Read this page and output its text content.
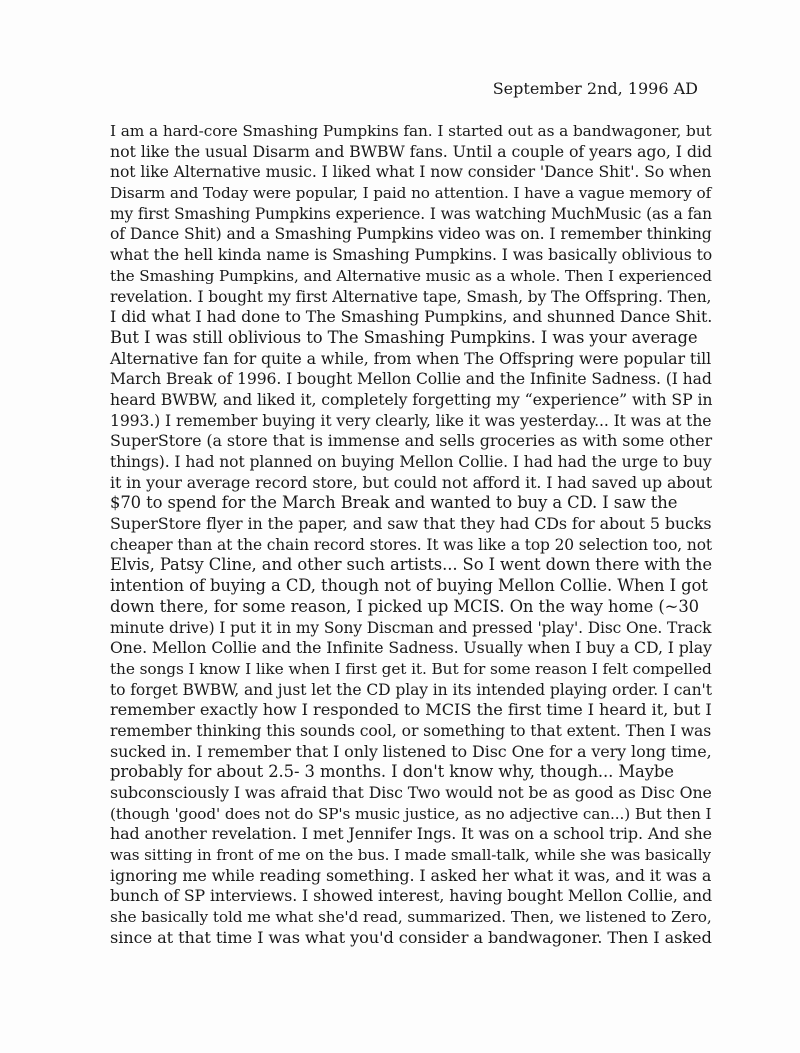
September 2nd, 1996 AD
I am a hard-core Smashing Pumpkins fan. I started out as a bandwagoner, but
not like the usual Disarm and BWBW fans. Until a couple of years ago, I did
not like Alternative music. I liked what I now consider 'Dance Shit'. So when
Disarm and Today were popular, I paid no attention. I have a vague memory of
my first Smashing Pumpkins experience. I was watching MuchMusic (as a fan
of Dance Shit) and a Smashing Pumpkins video was on. I remember thinking
what the hell kinda name is Smashing Pumpkins. I was basically oblivious to
the Smashing Pumpkins, and Alternative music as a whole. Then I experienced
revelation. I bought my first Alternative tape, Smash, by The Offspring. Then,
I did what I had done to The Smashing Pumpkins, and shunned Dance Shit.
But I was still oblivious to The Smashing Pumpkins. I was your average
Alternative fan for quite a while, from when The Offspring were popular till
March Break of 1996. I bought Mellon Collie and the Infinite Sadness. (I had
heard BWBW, and liked it, completely forgetting my “experience” with SP in
1993.) I remember buying it very clearly, like it was yesterday... It was at the
SuperStore (a store that is immense and sells groceries as with some other
things). I had not planned on buying Mellon Collie. I had had the urge to buy
it in your average record store, but could not afford it. I had saved up about
$70 to spend for the March Break and wanted to buy a CD. I saw the
SuperStore flyer in the paper, and saw that they had CDs for about 5 bucks
cheaper than at the chain record stores. It was like a top 20 selection too, not
Elvis, Patsy Cline, and other such artists... So I went down there with the
intention of buying a CD, though not of buying Mellon Collie. When I got
down there, for some reason, I picked up MCIS. On the way home (~30
minute drive) I put it in my Sony Discman and pressed 'play'. Disc One. Track
One. Mellon Collie and the Infinite Sadness. Usually when I buy a CD, I play
the songs I know I like when I first get it. But for some reason I felt compelled
to forget BWBW, and just let the CD play in its intended playing order. I can't
remember exactly how I responded to MCIS the first time I heard it, but I
remember thinking this sounds cool, or something to that extent. Then I was
sucked in. I remember that I only listened to Disc One for a very long time,
probably for about 2.5- 3 months. I don't know why, though... Maybe
subconsciously I was afraid that Disc Two would not be as good as Disc One
(though 'good' does not do SP's music justice, as no adjective can...) But then I
had another revelation. I met Jennifer Ings. It was on a school trip. And she
was sitting in front of me on the bus. I made small-talk, while she was basically
ignoring me while reading something. I asked her what it was, and it was a
bunch of SP interviews. I showed interest, having bought Mellon Collie, and
she basically told me what she'd read, summarized. Then, we listened to Zero,
since at that time I was what you'd consider a bandwagoner. Then I asked
